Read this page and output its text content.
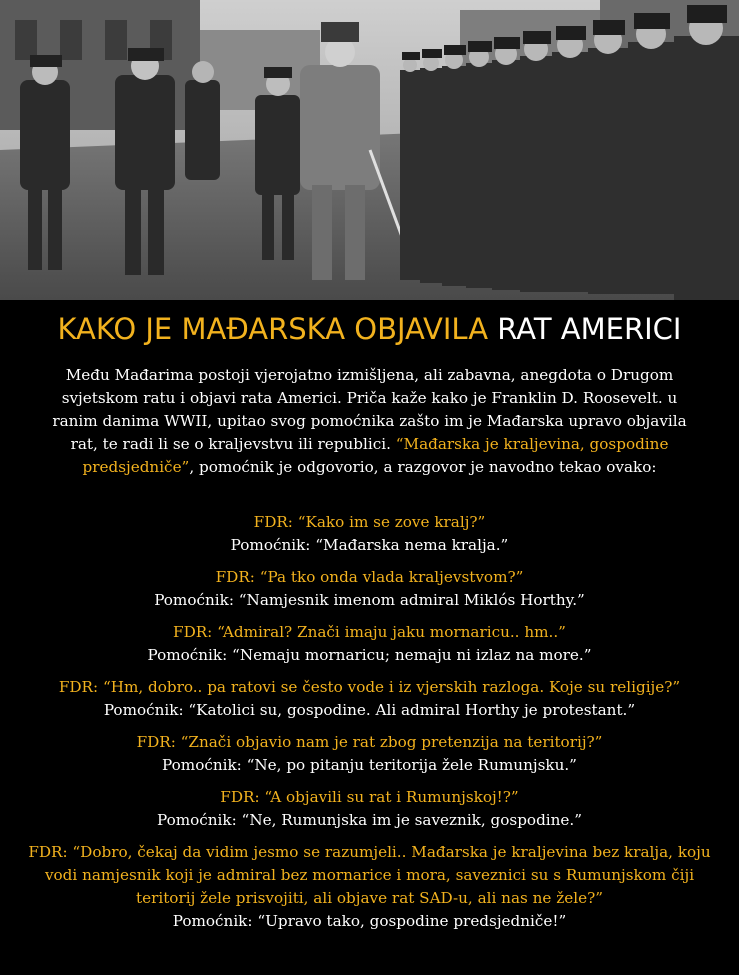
KAKO JE MAĐARSKA OBJAVILA RAT AMERICI
Među Mađarima postoji vjerojatno izmišljena, ali zabavna, anegdota o Drugom svjetskom ratu i objavi rata Americi. Priča kaže kako je Franklin D. Roosevelt. u ranim danima WWII, upitao svog pomoćnika zašto im je Mađarska upravo objavila rat, te radi li se o kraljevstvu ili republici. “Mađarska je kraljevina, gospodine predsjedniče”, pomoćnik je odgovorio, a razgovor je navodno tekao ovako:
FDR: “Kako im se zove kralj?”
Pomoćnik: “Mađarska nema kralja.”
FDR: “Pa tko onda vlada kraljevstvom?”
Pomoćnik: “Namjesnik imenom admiral Miklós Horthy.”
FDR: “Admiral? Znači imaju jaku mornaricu.. hm..”
Pomoćnik: “Nemaju mornaricu; nemaju ni izlaz na more.”
FDR: “Hm, dobro.. pa ratovi se često vode i iz vjerskih razloga. Koje su religije?”
Pomoćnik: “Katolici su, gospodine. Ali admiral Horthy je protestant.”
FDR: “Znači objavio nam je rat zbog pretenzija na teritorij?”
Pomoćnik: “Ne, po pitanju teritorija žele Rumunjsku.”
FDR: “A objavili su rat i Rumunjskoj!?”
Pomoćnik: “Ne, Rumunjska im je saveznik, gospodine.”
FDR: “Dobro, čekaj da vidim jesmo se razumjeli.. Mađarska je kraljevina bez kralja, koju vodi namjesnik koji je admiral bez mornarice i mora, saveznici su s Rumunjskom čiji teritorij žele prisvojiti, ali objave rat SAD-u, ali nas ne žele?”
Pomoćnik: “Upravo tako, gospodine predsjedniče!”
